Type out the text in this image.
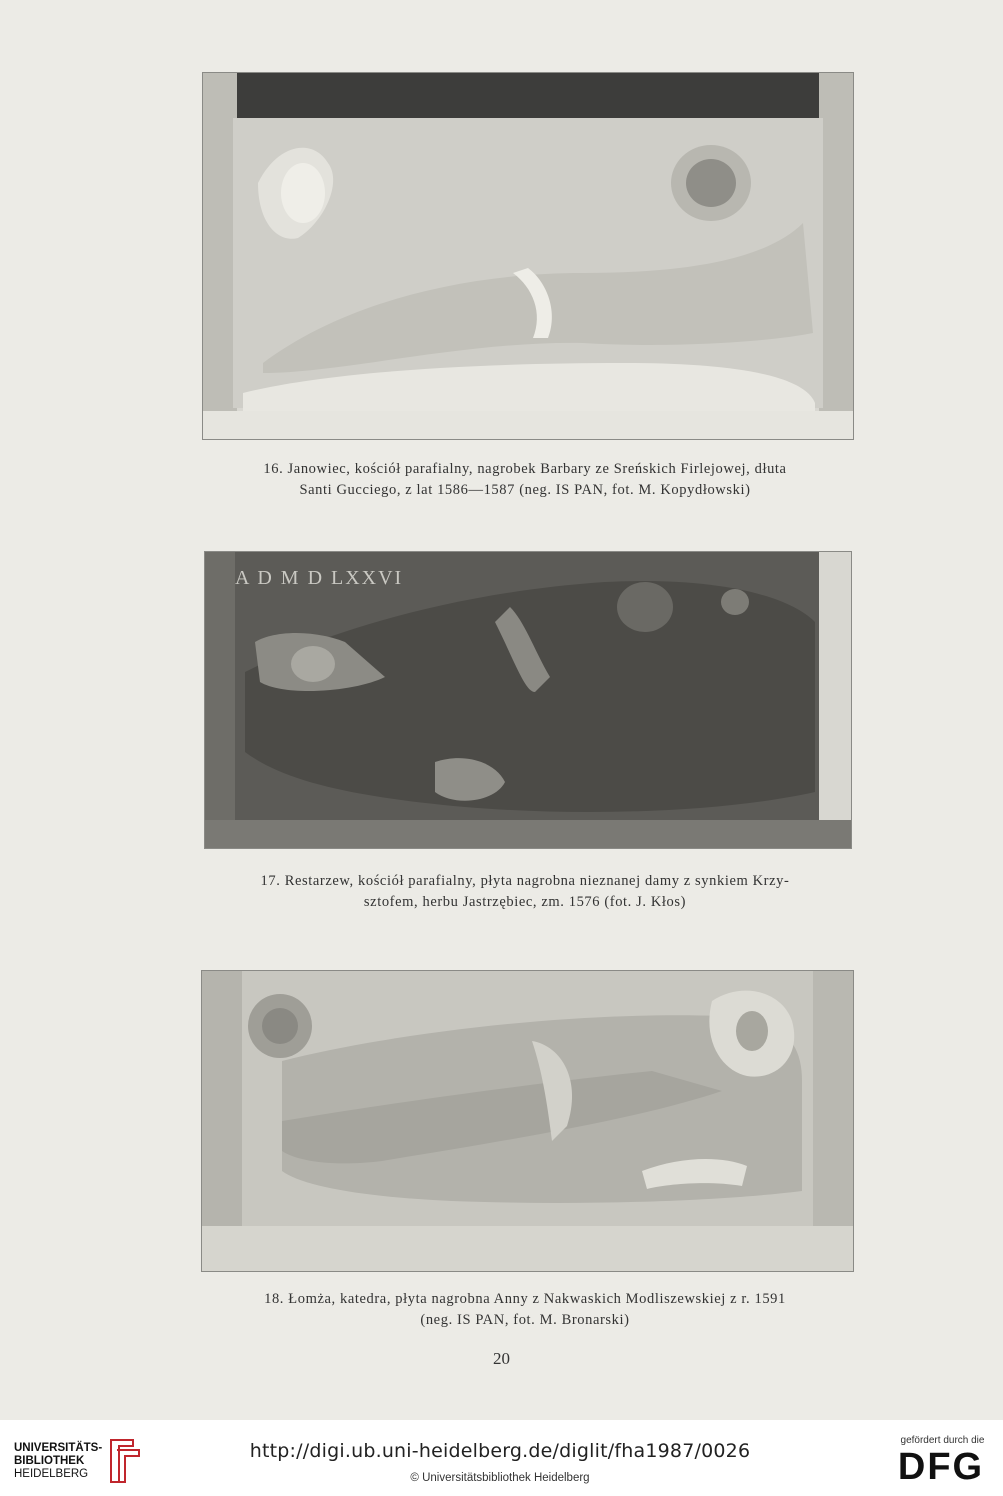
16. Janowiec, kościół parafialny, nagrobek Barbary ze Sreńskich Firlejowej, dłuta
Santi Gucciego, z lat 1586—1587 (neg. IS PAN, fot. M. Kopydłowski)
A D M D LXXVI
17. Restarzew, kościół parafialny, płyta nagrobna nieznanej damy z synkiem Krzy-
sztofem, herbu Jastrzębiec, zm. 1576 (fot. J. Kłos)
18. Łomża, katedra, płyta nagrobna Anny z Nakwaskich Modliszewskiej z r. 1591
(neg. IS PAN, fot. M. Bronarski)
20
UNIVERSITÄTS-
BIBLIOTHEK
HEIDELBERG
http://digi.ub.uni-heidelberg.de/diglit/fha1987/0026
© Universitätsbibliothek Heidelberg
gefördert durch die
DFG
